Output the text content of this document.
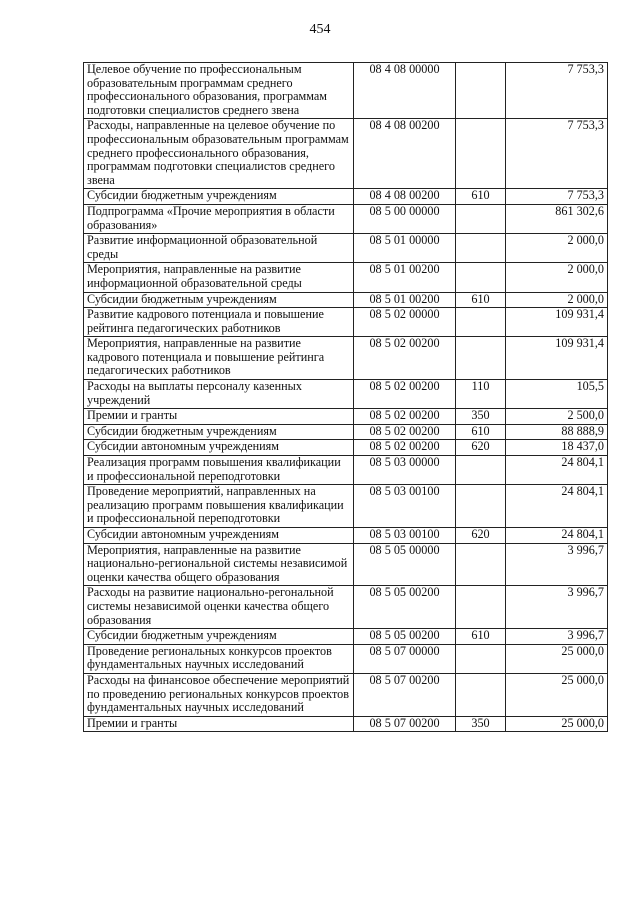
454
Целевое обучение по профессиональным образовательным программам среднего профессионального образования, программам подготовки специалистов среднего звена	08 4 08 00000		7 753,3
Расходы, направленные на целевое обучение по профессиональным образовательным программам среднего профессионального образования, программам подготовки специалистов среднего звена	08 4 08 00200		7 753,3
Субсидии бюджетным учреждениям	08 4 08 00200	610	7 753,3
Подпрограмма «Прочие мероприятия в области образования»	08 5 00 00000		861 302,6
Развитие информационной образовательной среды	08 5 01 00000		2 000,0
Мероприятия, направленные на развитие информационной образовательной среды	08 5 01 00200		2 000,0
Субсидии бюджетным учреждениям	08 5 01 00200	610	2 000,0
Развитие кадрового потенциала и повышение рейтинга педагогических работников	08 5 02 00000		109 931,4
Мероприятия, направленные на развитие кадрового потенциала и повышение рейтинга педагогических работников	08 5 02 00200		109 931,4
Расходы на выплаты персоналу казенных учреждений	08 5 02 00200	110	105,5
Премии и гранты	08 5 02 00200	350	2 500,0
Субсидии бюджетным учреждениям	08 5 02 00200	610	88 888,9
Субсидии автономным учреждениям	08 5 02 00200	620	18 437,0
Реализация программ повышения квалификации и профессиональной переподготовки	08 5 03 00000		24 804,1
Проведение мероприятий, направленных на реализацию программ повышения квалификации и профессиональной переподготовки	08 5 03 00100		24 804,1
Субсидии автономным учреждениям	08 5 03 00100	620	24 804,1
Мероприятия, направленные на развитие национально-региональной системы независимой оценки качества общего образования	08 5 05 00000		3 996,7
Расходы на развитие национально-регональной системы независимой оценки качества общего образования	08 5 05 00200		3 996,7
Субсидии бюджетным учреждениям	08 5 05 00200	610	3 996,7
Проведение региональных конкурсов проектов фундаментальных научных исследований	08 5 07 00000		25 000,0
Расходы на финансовое обеспечение мероприятий по проведению региональных конкурсов проектов фундаментальных научных исследований	08 5 07 00200		25 000,0
Премии и гранты	08 5 07 00200	350	25 000,0
